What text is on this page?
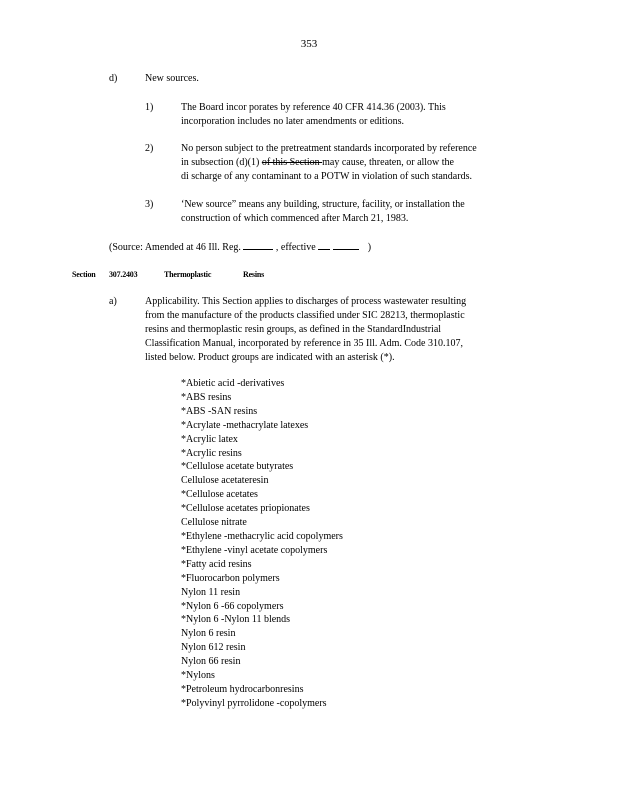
353
d)	New sources.
1)	The Board incor porates by reference 40 CFR 414.36 (2003). This
incorporation includes no later amendments or editions.
2)	No person subject to the pretreatment standards incorporated by reference
in subsection (d)(1) of this Section may cause, threaten, or allow the
di scharge of any contaminant to a POTW in violation of such standards.
3)	‘New source” means any building, structure, facility, or installation the
construction of which commenced after March 21, 1983.
(Source: Amended at 46 Ill. Reg.	, effective	)
Section 307.2403	Thermoplastic	Resins
a)	Applicability. This Section applies to discharges of process wastewater resulting
from the manufacture of the products classified under SIC 28213, thermoplastic
resins and thermoplastic resin groups, as defined in the StandardIndustrial
Classification Manual, incorporated by reference in 35 Ill. Adm. Code 310.107,
listed below. Product groups are indicated with an asterisk (*).
*Abietic acid -derivatives
*ABS resins
*ABS -SAN resins
*Acrylate -methacrylate latexes
*Acrylic latex
*Acrylic resins
*Cellulose acetate butyrates
Cellulose acetateresin
*Cellulose acetates
*Cellulose acetates priopionates
Cellulose nitrate
*Ethylene -methacrylic acid copolymers
*Ethylene -vinyl acetate copolymers
*Fatty acid resins
*Fluorocarbon polymers
Nylon 11 resin
*Nylon 6 -66 copolymers
*Nylon 6 -Nylon 11 blends
Nylon 6 resin
Nylon 612 resin
Nylon 66 resin
*Nylons
*Petroleum hydrocarbonresins
*Polyvinyl pyrrolidone -copolymers
